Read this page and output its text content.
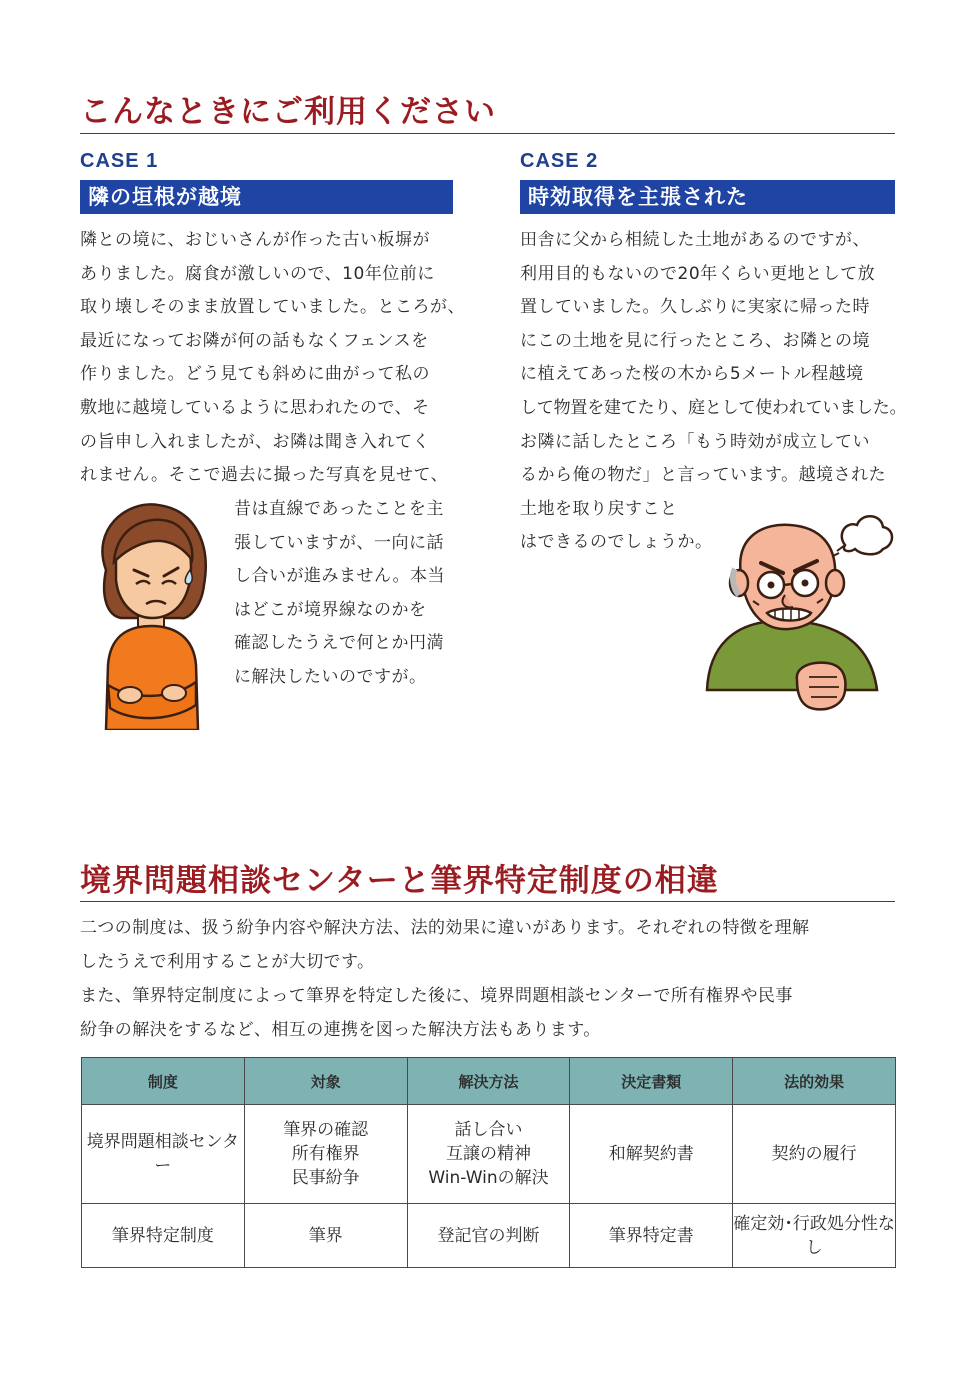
こんなときにご利用ください
CASE 1
隣の垣根が越境
隣との境に、おじいさんが作った古い板塀が
ありました。腐食が激しいので、10年位前に
取り壊しそのまま放置していました。ところが、
最近になってお隣が何の話もなくフェンスを
作りました。どう見ても斜めに曲がって私の
敷地に越境しているように思われたので、そ
の旨申し入れましたが、お隣は聞き入れてく
れません。そこで過去に撮った写真を見せて、
昔は直線であったことを主
張していますが、一向に話
し合いが進みません。本当
はどこが境界線なのかを
確認したうえで何とか円満
に解決したいのですが。
CASE 2
時効取得を主張された
田舎に父から相続した土地があるのですが、
利用目的もないので20年くらい更地として放
置していました。久しぶりに実家に帰った時
にこの土地を見に行ったところ、お隣との境
に植えてあった桜の木から5メートル程越境
して物置を建てたり、庭として使われていました。
お隣に話したところ「もう時効が成立してい
るから俺の物だ」と言っています。越境された
土地を取り戻すこと
はできるのでしょうか。
境界問題相談センターと筆界特定制度の相違
二つの制度は、扱う紛争内容や解決方法、法的効果に違いがあります。それぞれの特徴を理解
したうえで利用することが大切です。
また、筆界特定制度によって筆界を特定した後に、境界問題相談センターで所有権界や民事
紛争の解決をするなど、相互の連携を図った解決方法もあります。
制度	対象	解決方法	決定書類	法的効果
境界問題相談センター	筆界の確認
所有権界
民事紛争	話し合い
互譲の精神
Win-Winの解決	和解契約書	契約の履行
筆界特定制度	筆界	登記官の判断	筆界特定書	確定効･行政処分性なし
